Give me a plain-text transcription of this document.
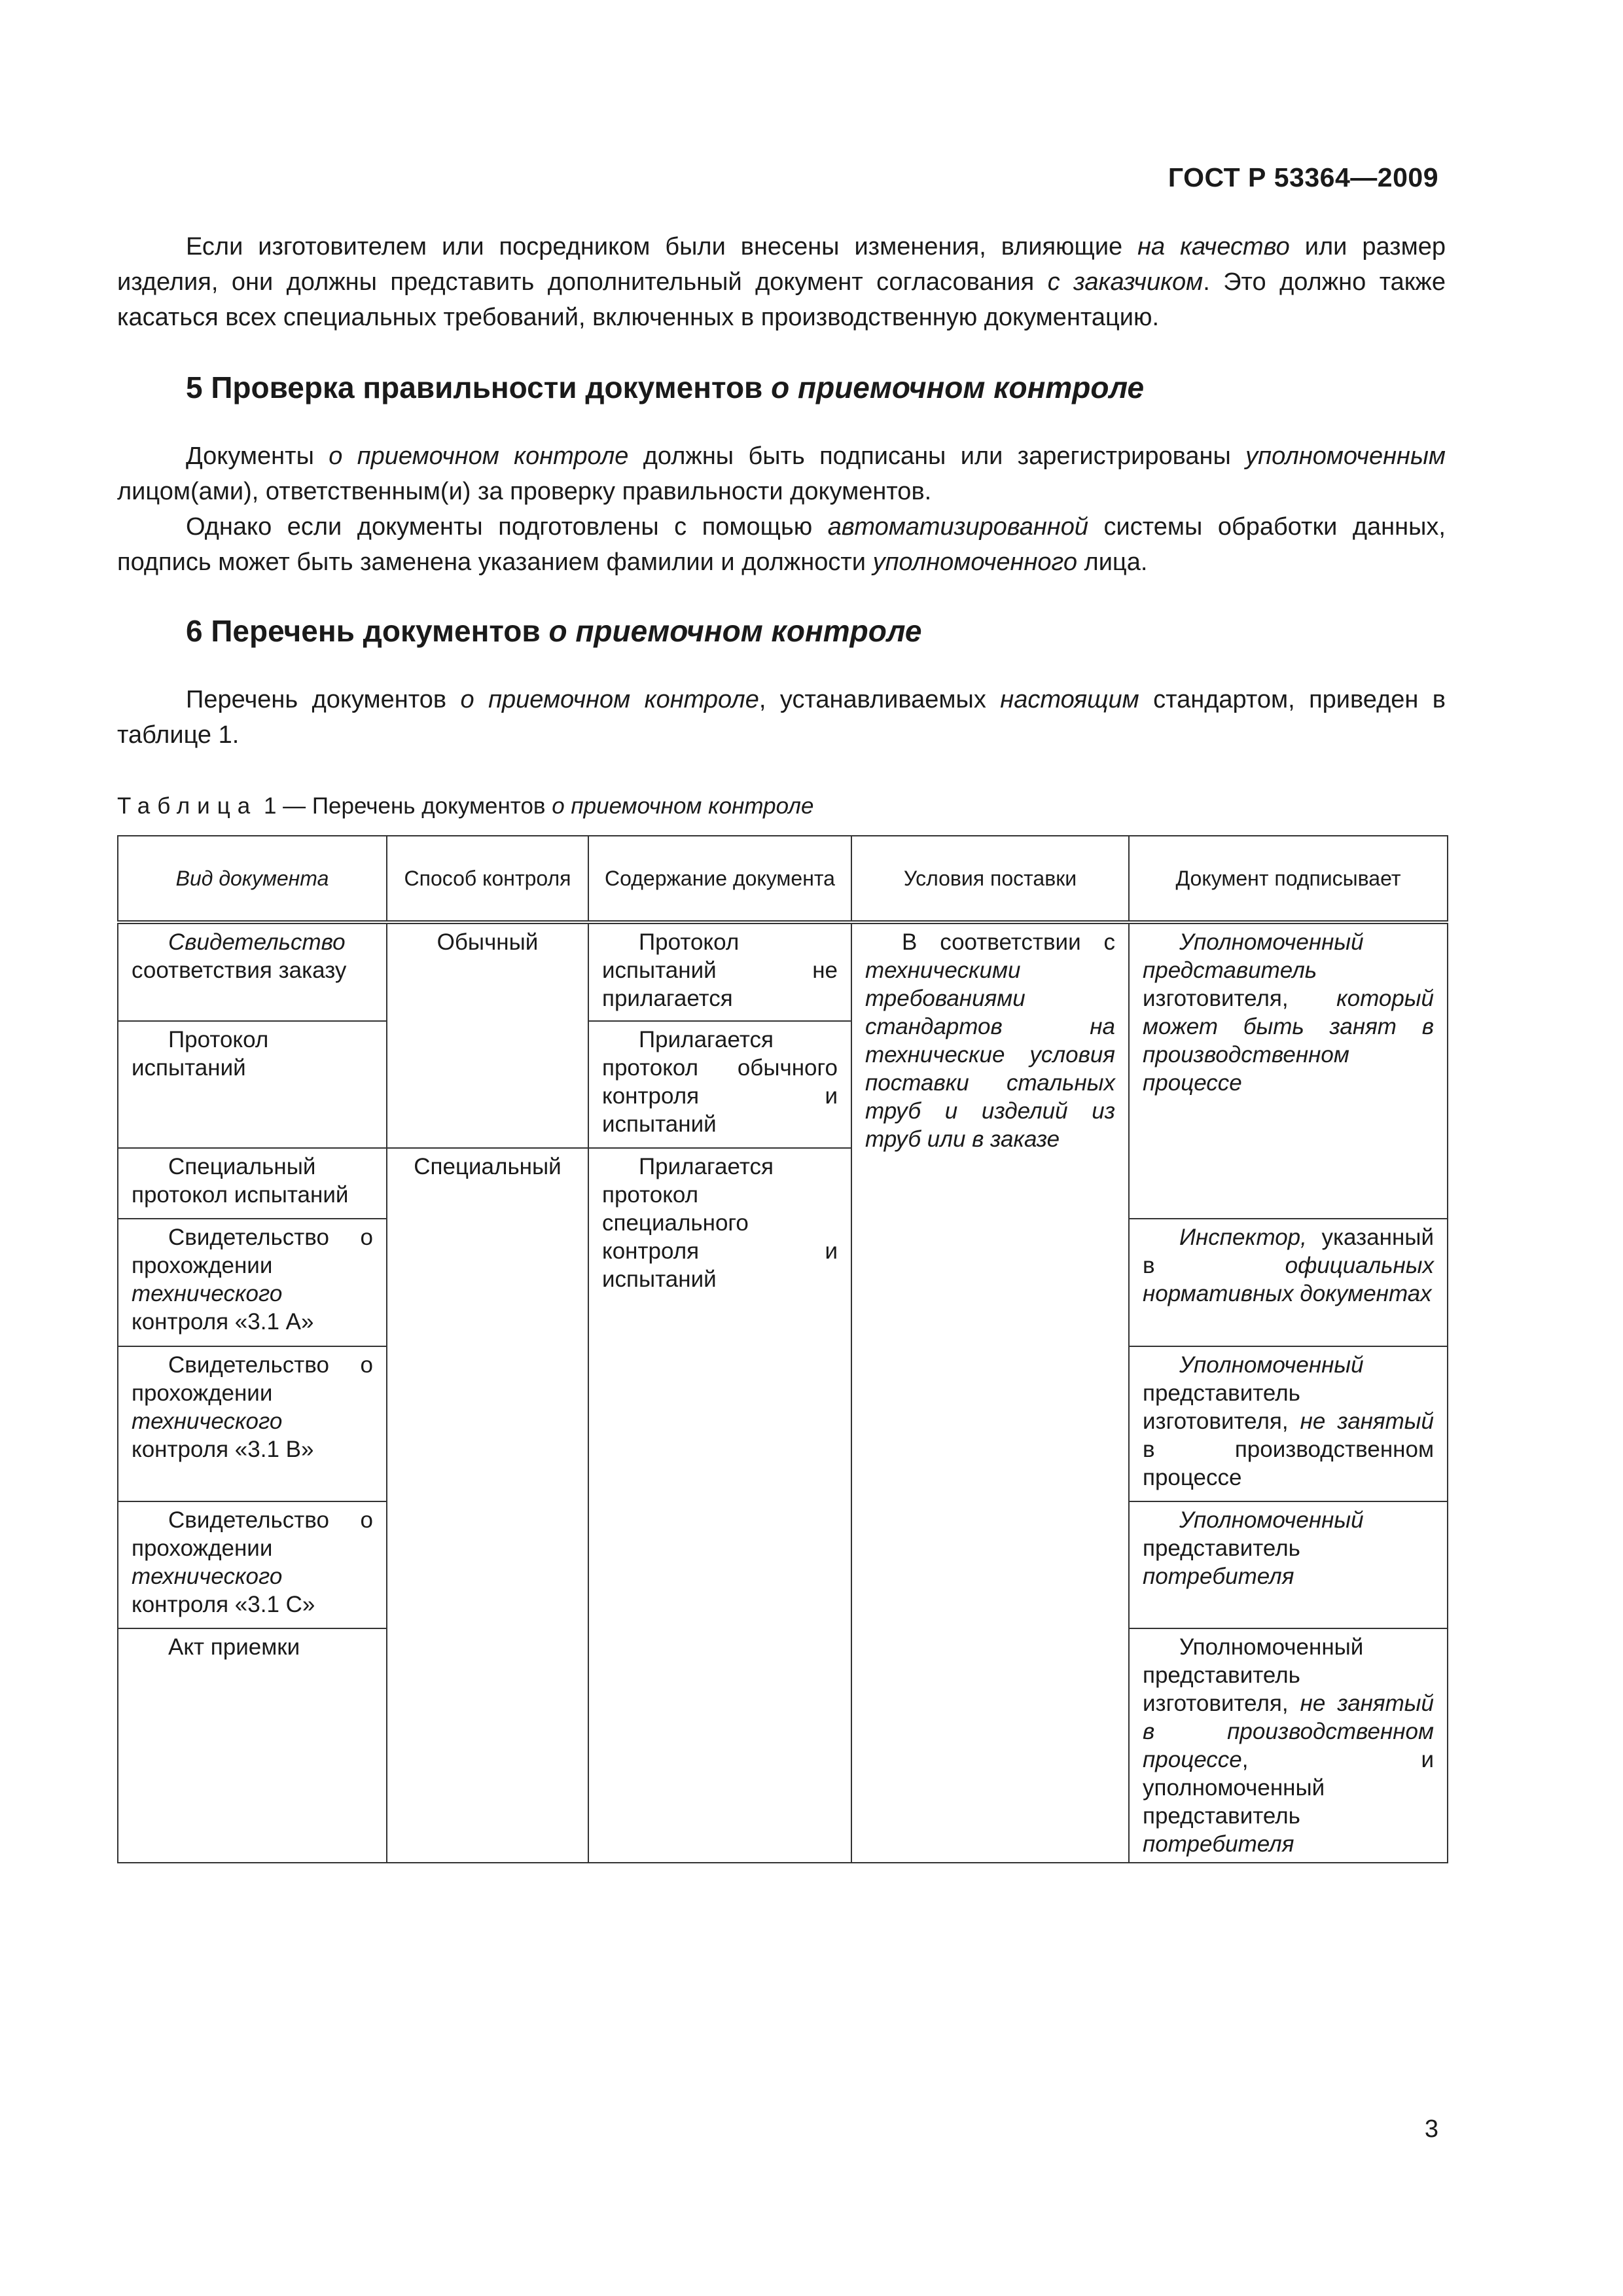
ГОСТ Р 53364—2009

Если изготовителем или посредником были внесены изменения, влияющие на качество или размер изделия, они должны представить дополнительный документ согласования с заказчиком. Это должно также касаться всех специальных требований, включенных в производственную документацию.

5 Проверка правильности документов о приемочном контроле

Документы о приемочном контроле должны быть подписаны или зарегистрированы уполномоченным лицом(ами), ответственным(и) за проверку правильности документов.

Однако если документы подготовлены с помощью автоматизированной системы обработки данных, подпись может быть заменена указанием фамилии и должности уполномоченного лица.

6 Перечень документов о приемочном контроле

Перечень документов о приемочном контроле, устанавливаемых настоящим стандартом, приведен в таблице 1.

Таблица 1 — Перечень документов о приемочном контроле

Вид документа	Способ контроля	Содержание документа	Условия поставки	Документ подписывает
Свидетельство соответствия заказу	Обычный	Протокол испытаний не прилагается	В соответствии с техническими требованиями стандартов на технические условия поставки стальных труб и изделий из труб или в заказе	Уполномоченный представитель изготовителя, который может быть занят в производственном процессе
Протокол испытаний		Прилагается протокол обычного контроля и испытаний		
Специальный протокол испытаний	Специальный	Прилагается протокол специального контроля и испытаний		
Свидетельство о прохождении технического контроля «3.1 А»				Инспектор, указанный в официальных нормативных документах
Свидетельство о прохождении технического контроля «3.1 В»				Уполномоченный представитель изготовителя, не занятый в производственном процессе
Свидетельство о прохождении технического контроля «3.1 С»				Уполномоченный представитель потребителя
Акт приемки				Уполномоченный представитель изготовителя, не занятый в производственном процессе, и уполномоченный представитель потребителя
3
